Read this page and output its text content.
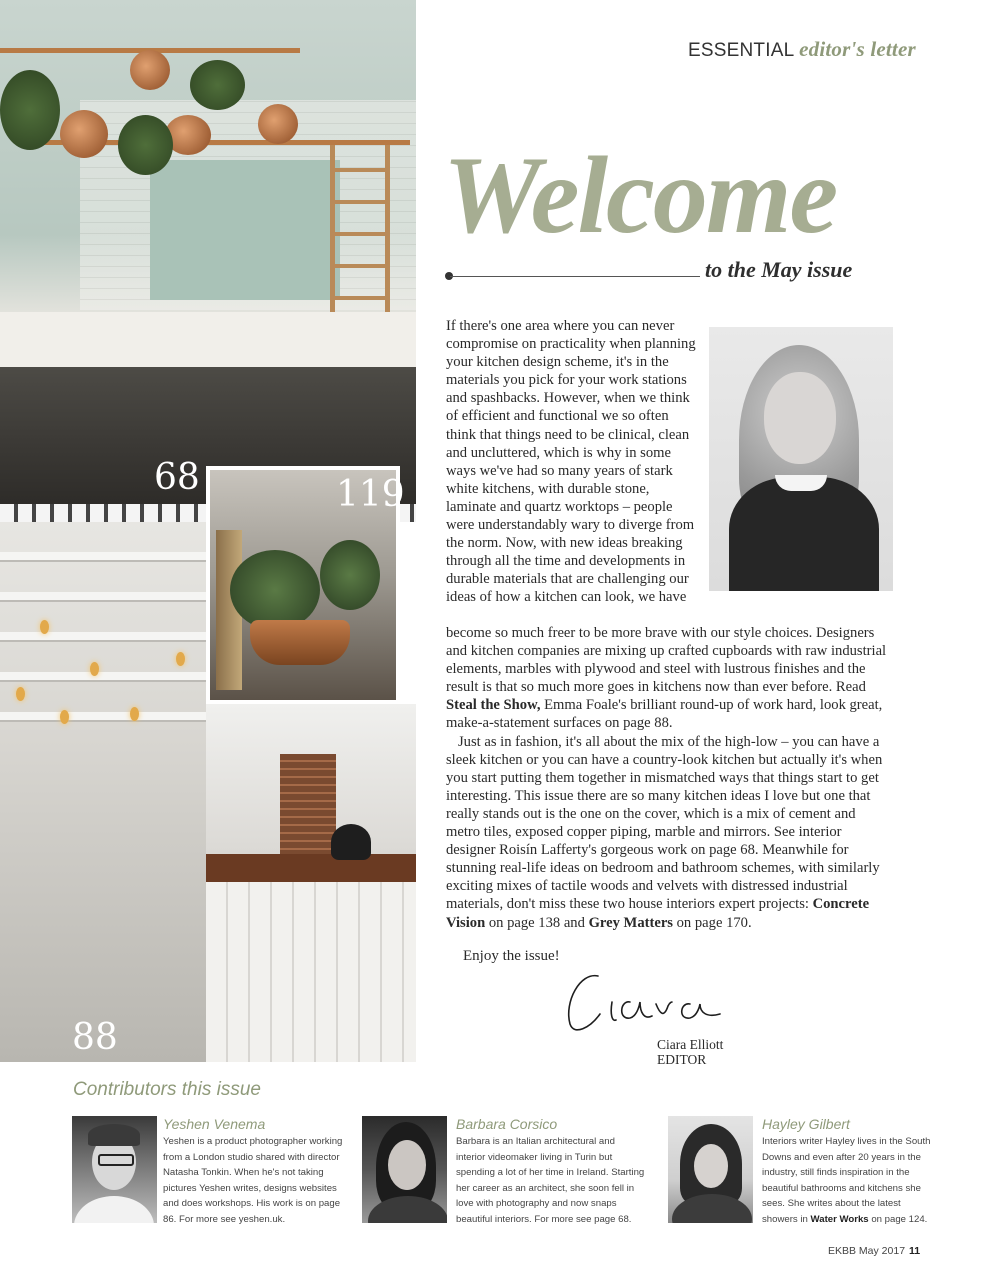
68	119
88
ESSENTIAL editor's letter
Welcome
to the May issue

If there's one area where you can never compromise on practicality when planning your kitchen design scheme, it's in the materials you pick for your work stations and spashbacks. However, when we think of efficient and functional we so often think that things need to be clinical, clean and uncluttered, which is why in some ways we've had so many years of stark white kitchens, with durable stone, laminate and quartz worktops – people were understandably wary to diverge from the norm. Now, with new ideas breaking through all the time and developments in durable materials that are challenging our ideas of how a kitchen can look, we have

become so much freer to be more brave with our style choices. Designers and kitchen companies are mixing up crafted cupboards with raw industrial elements, marbles with plywood and steel with lustrous finishes and the result is that so much more goes in kitchens now than ever before. Read Steal the Show, Emma Foale's brilliant round-up of work hard, look great, make-a-statement surfaces on page 88.

Just as in fashion, it's all about the mix of the high-low – you can have a sleek kitchen or you can have a country-look kitchen but actually it's when you start putting them together in mismatched ways that things start to get interesting. This issue there are so many kitchen ideas I love but one that really stands out is the one on the cover, which is a mix of cement and metro tiles, exposed copper piping, marble and mirrors. See interior designer Roisín Lafferty's gorgeous work on page 68. Meanwhile for stunning real-life ideas on bedroom and bathroom schemes, with similarly exciting mixes of tactile woods and velvets with distressed industrial materials, don't miss these two house interiors expert projects: Concrete Vision on page 138 and Grey Matters on page 170.

Enjoy the issue!
Ciara Elliott
EDITOR
Contributors this issue
Yeshen Venema
Yeshen is a product photographer working from a London studio shared with director Natasha Tonkin. When he's not taking pictures Yeshen writes, designs websites and does workshops. His work is on page 86. For more see yeshen.uk.
Barbara Corsico
Barbara is an Italian architectural and interior videomaker living in Turin but spending a lot of her time in Ireland. Starting her career as an architect, she soon fell in love with photography and now snaps beautiful interiors. For more see page 68.
Hayley Gilbert
Interiors writer Hayley lives in the South Downs and even after 20 years in the industry, still finds inspiration in the beautiful bathrooms and kitchens she sees. She writes about the latest showers in Water Works on page 124.
EKBB May 2017 11
